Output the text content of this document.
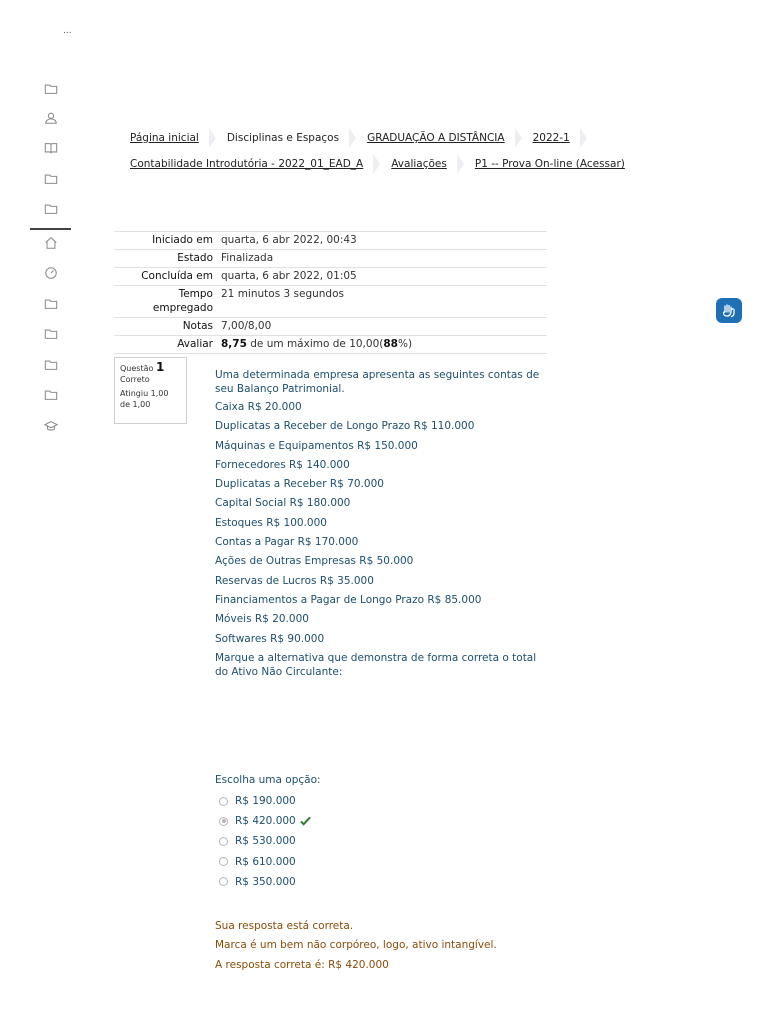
...
Página inicial	Disciplinas e Espaços	GRADUAÇÃO A DISTÂNCIA	2022-1
Contabilidade Introdutória - 2022_01_EAD_A	Avaliações	P1 -- Prova On-line (Acessar)
Iniciado em	quarta, 6 abr 2022, 00:43
Estado	Finalizada
Concluída em	quarta, 6 abr 2022, 01:05
Tempo empregado	21 minutos 3 segundos
Notas	7,00/8,00
Avaliar	8,75 de um máximo de 10,00(88%)
Questão 1
Correto
Atingiu 1,00 de 1,00

Uma determinada empresa apresenta as seguintes contas de seu Balanço Patrimonial.

Caixa R$ 20.000

Duplicatas a Receber de Longo Prazo R$ 110.000

Máquinas e Equipamentos R$ 150.000

Fornecedores R$ 140.000

Duplicatas a Receber R$ 70.000

Capital Social R$ 180.000

Estoques R$ 100.000

Contas a Pagar R$ 170.000

Ações de Outras Empresas R$ 50.000

Reservas de Lucros R$ 35.000

Financiamentos a Pagar de Longo Prazo R$ 85.000

Móveis R$ 20.000

Softwares R$ 90.000

Marque a alternativa que demonstra de forma correta o total do Ativo Não Circulante:

Escolha uma opção:
R$ 190.000
R$ 420.000
R$ 530.000
R$ 610.000
R$ 350.000

Sua resposta está correta.

Marca é um bem não corpóreo, logo, ativo intangível.

A resposta correta é: R$ 420.000
